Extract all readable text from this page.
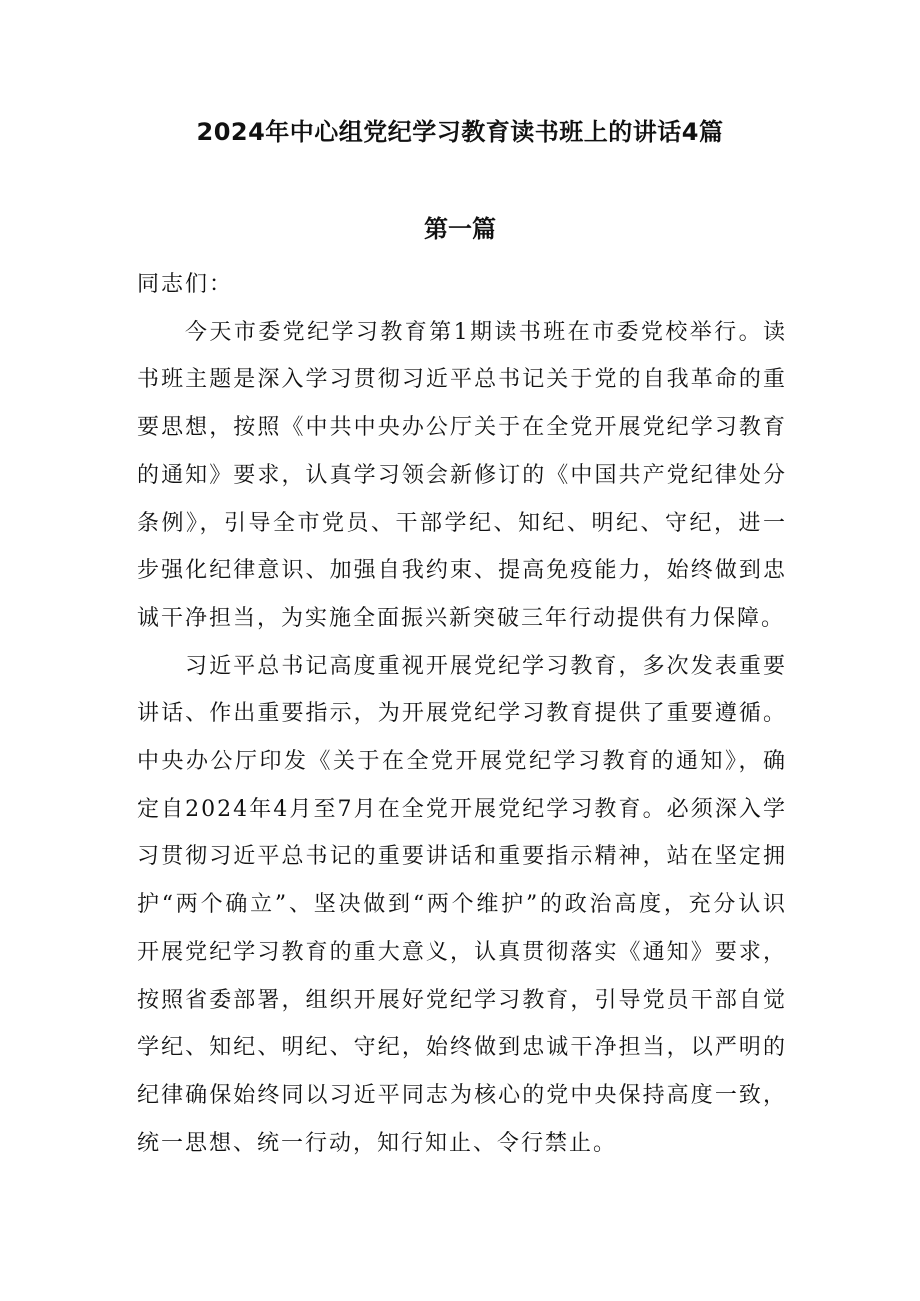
2024年中心组党纪学习教育读书班上的讲话4篇
第一篇

同志们：

今天市委党纪学习教育第1期读书班在市委党校举行。读书班主题是深入学习贯彻习近平总书记关于党的自我革命的重要思想，按照《中共中央办公厅关于在全党开展党纪学习教育的通知》要求，认真学习领会新修订的《中国共产党纪律处分条例》，引导全市党员、干部学纪、知纪、明纪、守纪，进一步强化纪律意识、加强自我约束、提高免疫能力，始终做到忠诚干净担当，为实施全面振兴新突破三年行动提供有力保障。

习近平总书记高度重视开展党纪学习教育，多次发表重要讲话、作出重要指示，为开展党纪学习教育提供了重要遵循。中央办公厅印发《关于在全党开展党纪学习教育的通知》，确定自2024年4月至7月在全党开展党纪学习教育。必须深入学习贯彻习近平总书记的重要讲话和重要指示精神，站在坚定拥护“两个确立”、坚决做到“两个维护”的政治高度，充分认识开展党纪学习教育的重大意义，认真贯彻落实《通知》要求，按照省委部署，组织开展好党纪学习教育，引导党员干部自觉学纪、知纪、明纪、守纪，始终做到忠诚干净担当，以严明的纪律确保始终同以习近平同志为核心的党中央保持高度一致，统一思想、统一行动，知行知止、令行禁止。
